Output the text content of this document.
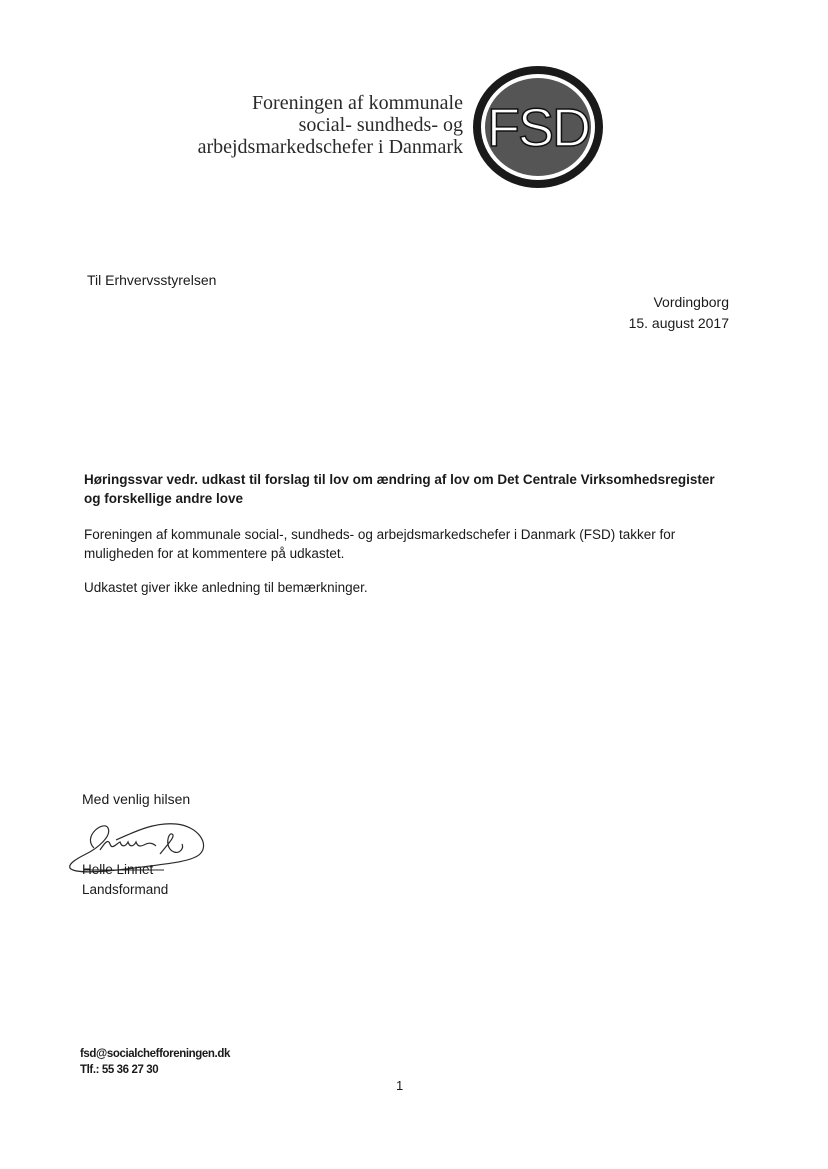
Foreningen af kommunale
social- sundheds- og
arbejdsmarkedschefer i Danmark FSD
Til Erhvervsstyrelsen
Vordingborg
15. august 2017
Høringssvar vedr. udkast til forslag til lov om ændring af lov om Det Centrale Virksomhedsregister og forskellige andre love
Foreningen af kommunale social-, sundheds- og arbejdsmarkedschefer i Danmark (FSD) takker for muligheden for at kommentere på udkastet.
Udkastet giver ikke anledning til bemærkninger.
Med venlig hilsen
Helle Linnet
Landsformand
fsd@socialchefforeningen.dk
Tlf.: 55 36 27 30
1
